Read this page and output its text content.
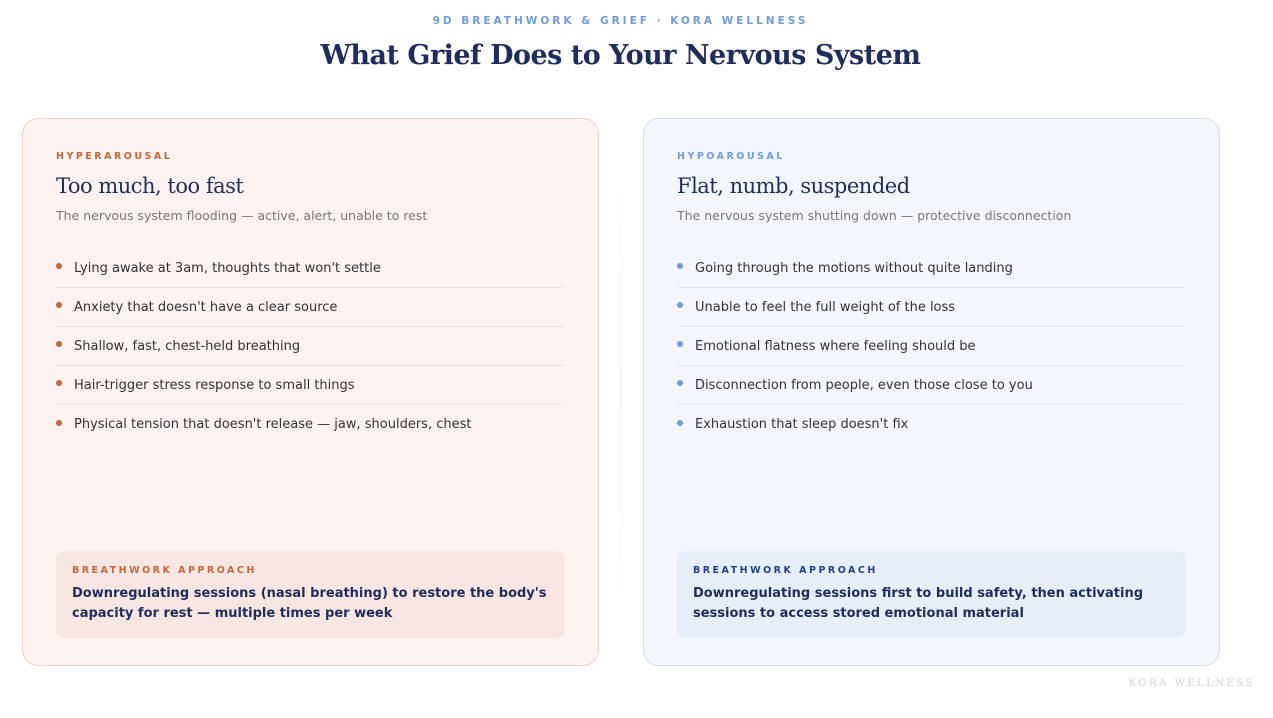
9D BREATHWORK & GRIEF · KORA WELLNESS
What Grief Does to Your Nervous System
HYPERAROUSAL
Too much, too fast
The nervous system flooding — active, alert, unable to rest
Lying awake at 3am, thoughts that won't settle
Anxiety that doesn't have a clear source
Shallow, fast, chest-held breathing
Hair-trigger stress response to small things
Physical tension that doesn't release — jaw, shoulders, chest
BREATHWORK APPROACH

Downregulating sessions (nasal breathing) to restore the body's capacity for rest — multiple times per week

HYPOAROUSAL
Flat, numb, suspended
The nervous system shutting down — protective disconnection
Going through the motions without quite landing
Unable to feel the full weight of the loss
Emotional flatness where feeling should be
Disconnection from people, even those close to you
Exhaustion that sleep doesn't fix
BREATHWORK APPROACH

Downregulating sessions first to build safety, then activating sessions to access stored emotional material

KORA WELLNESS
